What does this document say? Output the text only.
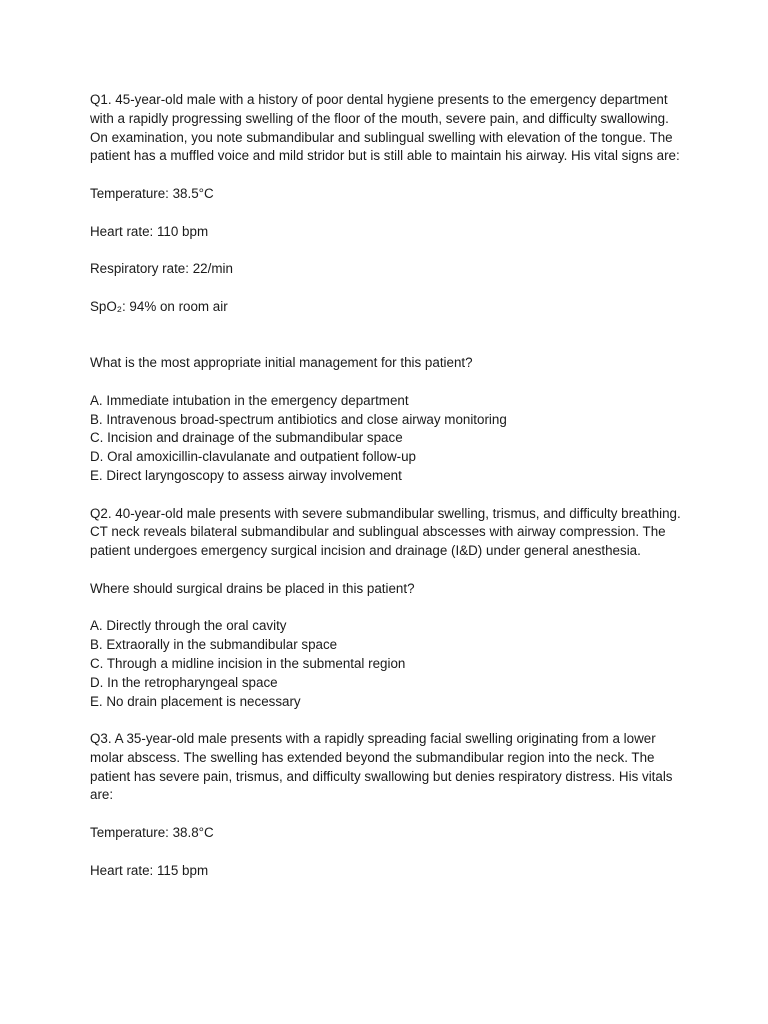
Q1. 45-year-old male with a history of poor dental hygiene presents to the emergency department with a rapidly progressing swelling of the floor of the mouth, severe pain, and difficulty swallowing. On examination, you note submandibular and sublingual swelling with elevation of the tongue. The patient has a muffled voice and mild stridor but is still able to maintain his airway. His vital signs are:

Temperature: 38.5°C

Heart rate: 110 bpm

Respiratory rate: 22/min

SpO₂: 94% on room air

What is the most appropriate initial management for this patient?

A. Immediate intubation in the emergency department
B. Intravenous broad-spectrum antibiotics and close airway monitoring
C. Incision and drainage of the submandibular space
D. Oral amoxicillin-clavulanate and outpatient follow-up
E. Direct laryngoscopy to assess airway involvement

Q2. 40-year-old male presents with severe submandibular swelling, trismus, and difficulty breathing. CT neck reveals bilateral submandibular and sublingual abscesses with airway compression. The patient undergoes emergency surgical incision and drainage (I&D) under general anesthesia.

Where should surgical drains be placed in this patient?

A. Directly through the oral cavity
B. Extraorally in the submandibular space
C. Through a midline incision in the submental region
D. In the retropharyngeal space
E. No drain placement is necessary

Q3. A 35-year-old male presents with a rapidly spreading facial swelling originating from a lower molar abscess. The swelling has extended beyond the submandibular region into the neck. The patient has severe pain, trismus, and difficulty swallowing but denies respiratory distress. His vitals are:

Temperature: 38.8°C

Heart rate: 115 bpm
